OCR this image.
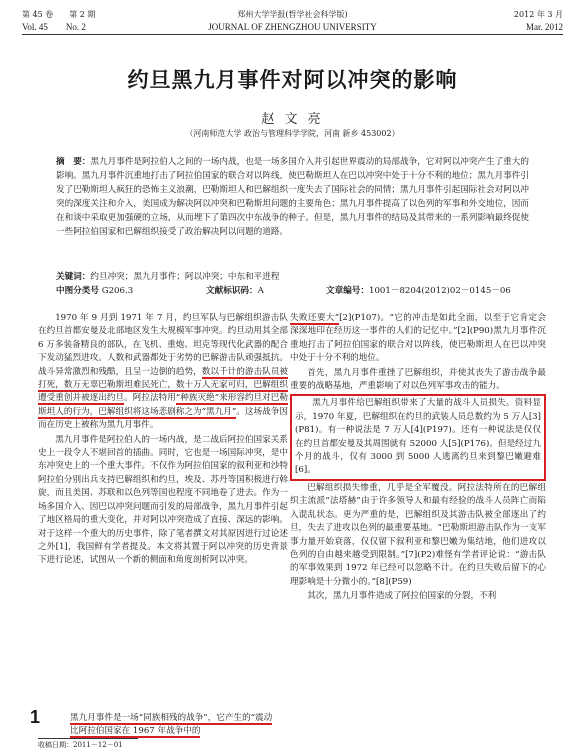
第 45 卷　　第 2 期	郑州大学学报(哲学社会科学版)	2012 年 3 月
Vol. 45　　No. 2	JOURNAL OF ZHENGZHOU UNIVERSITY	Mar. 2012
约旦黑九月事件对阿以冲突的影响
赵 文 亮
（河南师范大学 政治与管理科学学院，河南 新乡 453002）
摘　要：黑九月事件是阿拉伯人之间的一场内战，也是一场多国介入并引起世界震动的局部战争，它对阿以冲突产生了重大的影响。黑九月事件沉重地打击了阿拉伯国家的联合对以阵线，使巴勒斯坦人在巴以冲突中处于十分不利的地位；黑九月事件引发了巴勒斯坦人疯狂的恐怖主义浪潮，巴勒斯坦人和巴解组织一度失去了国际社会的同情；黑九月事件引起国际社会对阿以冲突的深度关注和介入，美国成为解决阿以冲突和巴勒斯坦问题的主要角色；黑九月事件提高了以色列的军事和外交地位，因而在和谈中采取更加强硬的立场，从而埋下了第四次中东战争的种子。但是，黑九月事件的结局及其带来的一系列影响最终促使一些阿拉伯国家和巴解组织接受了政治解决阿以问题的道路。
关键词：约旦冲突；黑九月事件；阿以冲突；中东和平进程
中图分类号 G206.3	文献标识码：A	文章编号：1001－8204(2012)02－0145－06

1970 年 9 月到 1971 年 7 月，约旦军队与巴解组织游击队在约旦首都安曼及北部地区发生大规模军事冲突。约旦动用其全部 6 万多装备精良的部队，在飞机、重炮、坦克等现代化武器的配合下发动猛烈进攻。人数和武器都处于劣势的巴解游击队顽强抵抗。战斗异常激烈和残酷，且呈一边倒的趋势，数以千计的游击队员被打死，数万无辜巴勒斯坦难民死亡，数十万人无家可归，巴解组织遭受重创并被逐出约旦。阿拉法特用“种族灭绝”来形容约旦对巴勒斯坦人的行为，巴解组织将这场悲剧称之为“黑九月”。这场战争因而在历史上被称为黑九月事件。

黑九月事件是阿拉伯人的一场内战，是二战后阿拉伯国家关系史上一段令人不堪回首的插曲。同时，它也是一场国际冲突，是中东冲突史上的一个重大事件。不仅作为阿拉伯国家的叙利亚和沙特阿拉伯分别出兵支持巴解组织和约旦，埃及、苏丹等国积极进行斡旋，而且美国、苏联和以色列等国也程度不同地卷了进去。作为一场多国介入、因巴以冲突问题而引发的局部战争，黑九月事件引起了地区格局的重大变化，并对阿以冲突造成了直接、深远的影响。对于这样一个重大的历史事件，除了笔者撰文对其原因进行过论述之外[1]，我国鲜有学者提及。本文将其置于阿以冲突的历史背景下进行论述，试图从一个新的侧面和角度剖析阿以冲突。

1	黑九月事件是一场“同族相残的战争”，它产生的“震动比阿拉伯国家在 1967 年战争中的

失败还要大”[2](P107)。“它的冲击是如此全面，以至于它肯定会深深地印在经历这一事件的人们的记忆中。”[2](P90)黑九月事件沉重地打击了阿拉伯国家的联合对以阵线，使巴勒斯坦人在巴以冲突中处于十分不利的地位。

首先，黑九月事件重挫了巴解组织，并使其丧失了游击战争最重要的战略基地，严重影响了对以色列军事攻击的能力。

黑九月事件给巴解组织带来了大量的战斗人员损失。资料显示，1970 年夏，巴解组织在约旦的武装人员总数约为 5 万人[3](P81)。有一种说法是 7 万人[4](P197)。还有一种说法是仅仅在约旦首都安曼及其周围就有 52000 人[5](P176)。但是经过九个月的战斗，仅有 3000 到 5000 人逃离约旦来到黎巴嫩避难[6]。

巴解组织损失惨重，几乎是全军覆没。阿拉法特所在的巴解组织主流派“法塔赫”由于许多领导人和最有经验的战斗人员阵亡而陷入混乱状态。更为严重的是，巴解组织及其游击队被全部逐出了约旦，失去了进攻以色列的最重要基地。“巴勒斯坦游击队作为一支军事力量开始衰落，仅仅留下叙利亚和黎巴嫩为集结地，他们进攻以色列的自由越来越受到限制。”[7](P2)难怪有学者评论说：“游击队的军事效果到 1972 年已经可以忽略不计。在约旦失败后留下的心理影响是十分微小的。”[8](P59)

其次，黑九月事件造成了阿拉伯国家的分裂，不利

收稿日期：2011－12－01
